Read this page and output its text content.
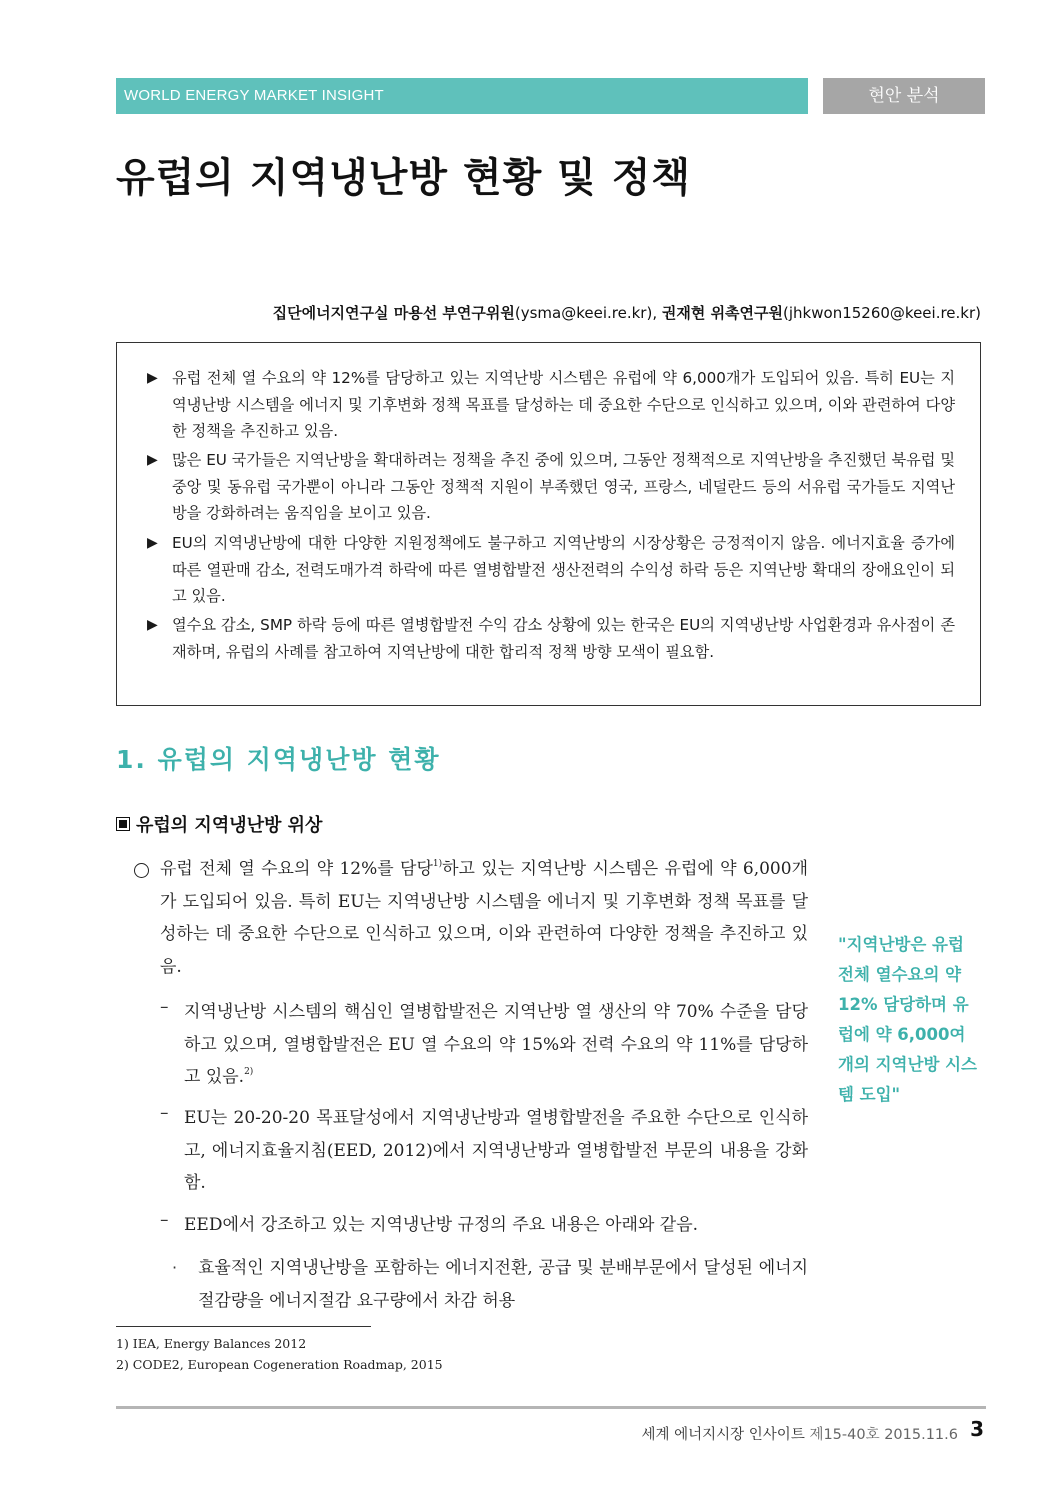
WORLD ENERGY MARKET INSIGHT	현안 분석
유럽의 지역냉난방 현황 및 정책
집단에너지연구실 마용선 부연구위원(ysma@keei.re.kr), 권재현 위촉연구원(jhkwon15260@keei.re.kr)
▶ 유럽 전체 열 수요의 약 12%를 담당하고 있는 지역난방 시스템은 유럽에 약 6,000개가 도입되어 있음. 특히 EU는 지역냉난방 시스템을 에너지 및 기후변화 정책 목표를 달성하는 데 중요한 수단으로 인식하고 있으며, 이와 관련하여 다양한 정책을 추진하고 있음.
▶ 많은 EU 국가들은 지역난방을 확대하려는 정책을 추진 중에 있으며, 그동안 정책적으로 지역난방을 추진했던 북유럽 및 중앙 및 동유럽 국가뿐이 아니라 그동안 정책적 지원이 부족했던 영국, 프랑스, 네덜란드 등의 서유럽 국가들도 지역난방을 강화하려는 움직임을 보이고 있음.
▶ EU의 지역냉난방에 대한 다양한 지원정책에도 불구하고 지역난방의 시장상황은 긍정적이지 않음. 에너지효율 증가에 따른 열판매 감소, 전력도매가격 하락에 따른 열병합발전 생산전력의 수익성 하락 등은 지역난방 확대의 장애요인이 되고 있음.
▶ 열수요 감소, SMP 하락 등에 따른 열병합발전 수익 감소 상황에 있는 한국은 EU의 지역냉난방 사업환경과 유사점이 존재하며, 유럽의 사례를 참고하여 지역난방에 대한 합리적 정책 방향 모색이 필요함.
1. 유럽의 지역냉난방 현황
유럽의 지역냉난방 위상
유럽 전체 열 수요의 약 12%를 담당$^{1)}$하고 있는 지역난방 시스템은 유럽에 약 6,000개가 도입되어 있음. 특히 EU는 지역냉난방 시스템을 에너지 및 기후변화 정책 목표를 달성하는 데 중요한 수단으로 인식하고 있으며, 이와 관련하여 다양한 정책을 추진하고 있음.
– 지역냉난방 시스템의 핵심인 열병합발전은 지역난방 열 생산의 약 70% 수준을 담당하고 있으며, 열병합발전은 EU 열 수요의 약 15%와 전력 수요의 약 11%를 담당하고 있음.$^{2)}$
– EU는 20-20-20 목표달성에서 지역냉난방과 열병합발전을 주요한 수단으로 인식하고, 에너지효율지침(EED, 2012)에서 지역냉난방과 열병합발전 부문의 내용을 강화함.
– EED에서 강조하고 있는 지역냉난방 규정의 주요 내용은 아래와 같음.
· 효율적인 지역냉난방을 포함하는 에너지전환, 공급 및 분배부문에서 달성된 에너지 절감량을 에너지절감 요구량에서 차감 허용
"지역난방은 유럽 전체 열수요의 약 12% 담당하며 유럽에 약 6,000여개의 지역난방 시스템 도입"
1) IEA, Energy Balances 2012
2) CODE2, European Cogeneration Roadmap, 2015
세계 에너지시장 인사이트 제15-40호 2015.11.6 3
